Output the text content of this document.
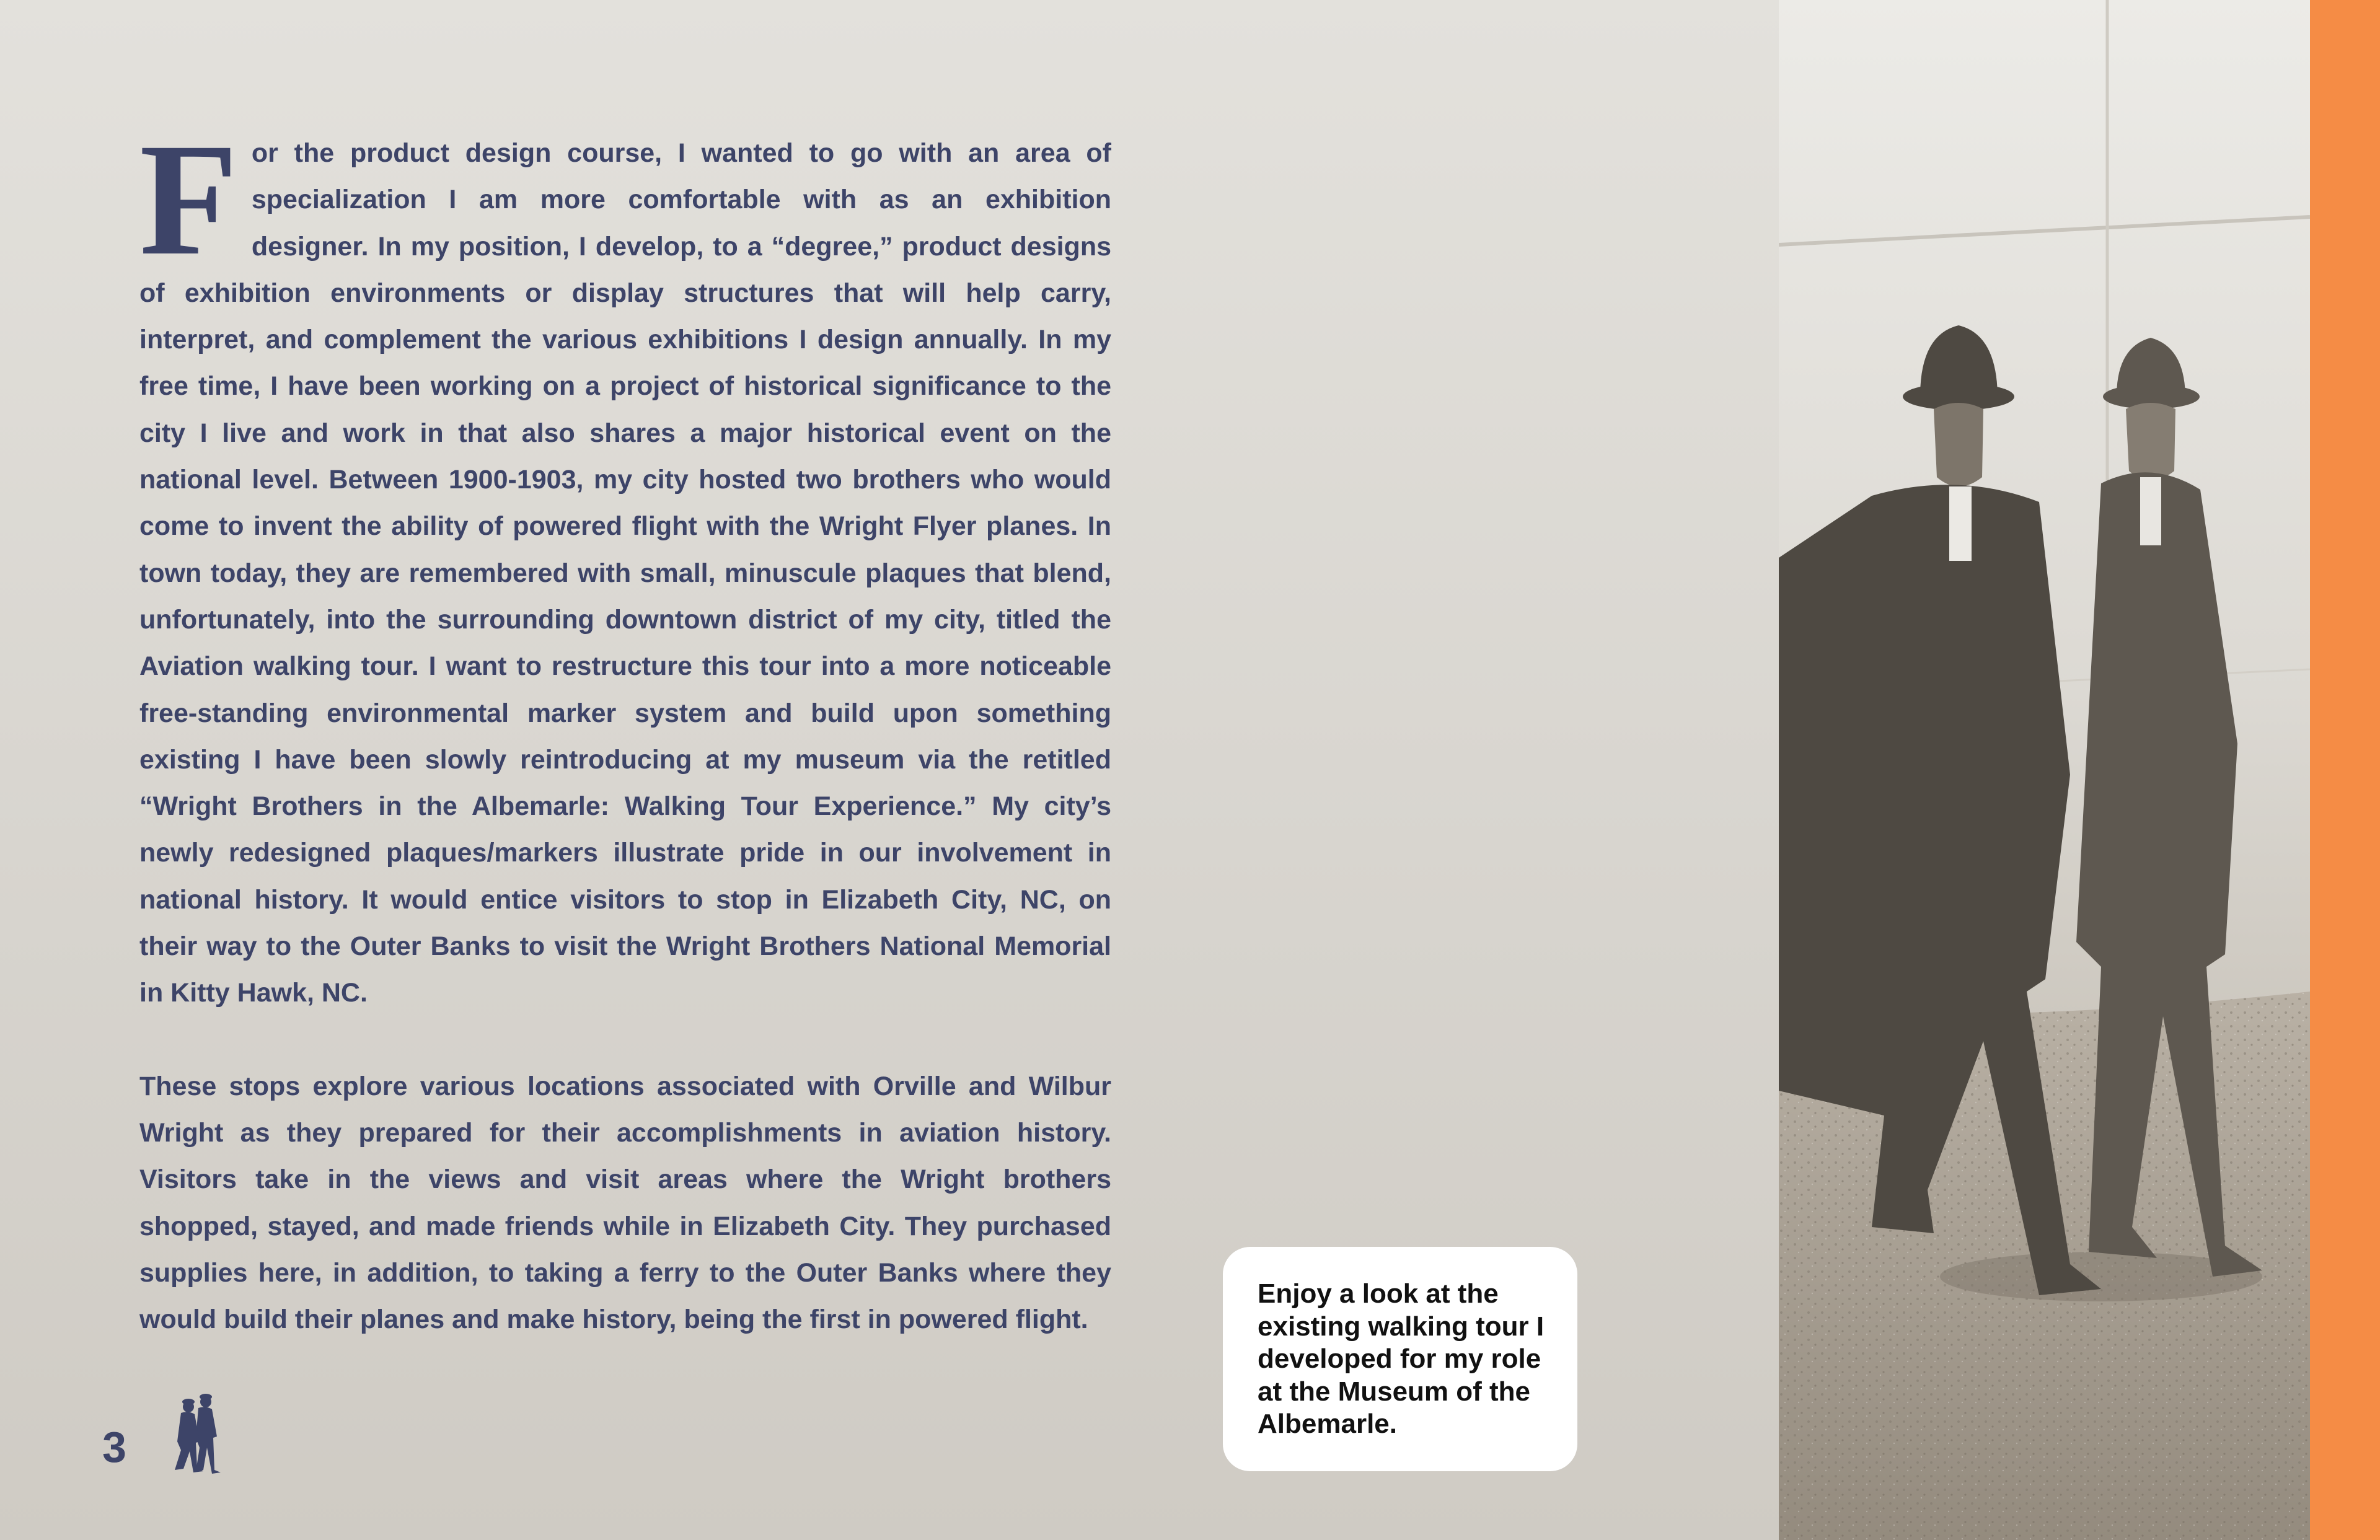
F or the product design course, I wanted to go with an area of specialization I am more comfortable with as an exhibition designer. In my position, I develop, to a “degree,” product designs of exhibition environments or display structures that will help carry, interpret, and complement the various exhibitions I design annually. In my free time, I have been working on a project of historical significance to the city I live and work in that also shares a major historical event on the national level. Between 1900-1903, my city hosted two brothers who would come to invent the ability of powered flight with the Wright Flyer planes. In town today, they are remembered with small, minuscule plaques that blend, unfortunately, into the surrounding downtown district of my city, titled the Aviation walking tour. I want to restructure this tour into a more noticeable free-standing environmental marker system and build upon something existing I have been slowly reintroducing at my museum via the retitled “Wright Brothers in the Albemarle: Walking Tour Experience.” My city’s newly redesigned plaques/markers illustrate pride in our involvement in national history. It would entice visitors to stop in Elizabeth City, NC, on their way to the Outer Banks to visit the Wright Brothers National Memorial in Kitty Hawk, NC.

These stops explore various locations associated with Orville and Wilbur Wright as they prepared for their accomplishments in aviation history. Visitors take in the views and visit areas where the Wright brothers shopped, stayed, and made friends while in Elizabeth City. They purchased supplies here, in addition, to taking a ferry to the Outer Banks where they would build their planes and make history, being the first in powered flight.

3

Enjoy a look at the existing walking tour I developed for my role at the Museum of the Albemarle.
